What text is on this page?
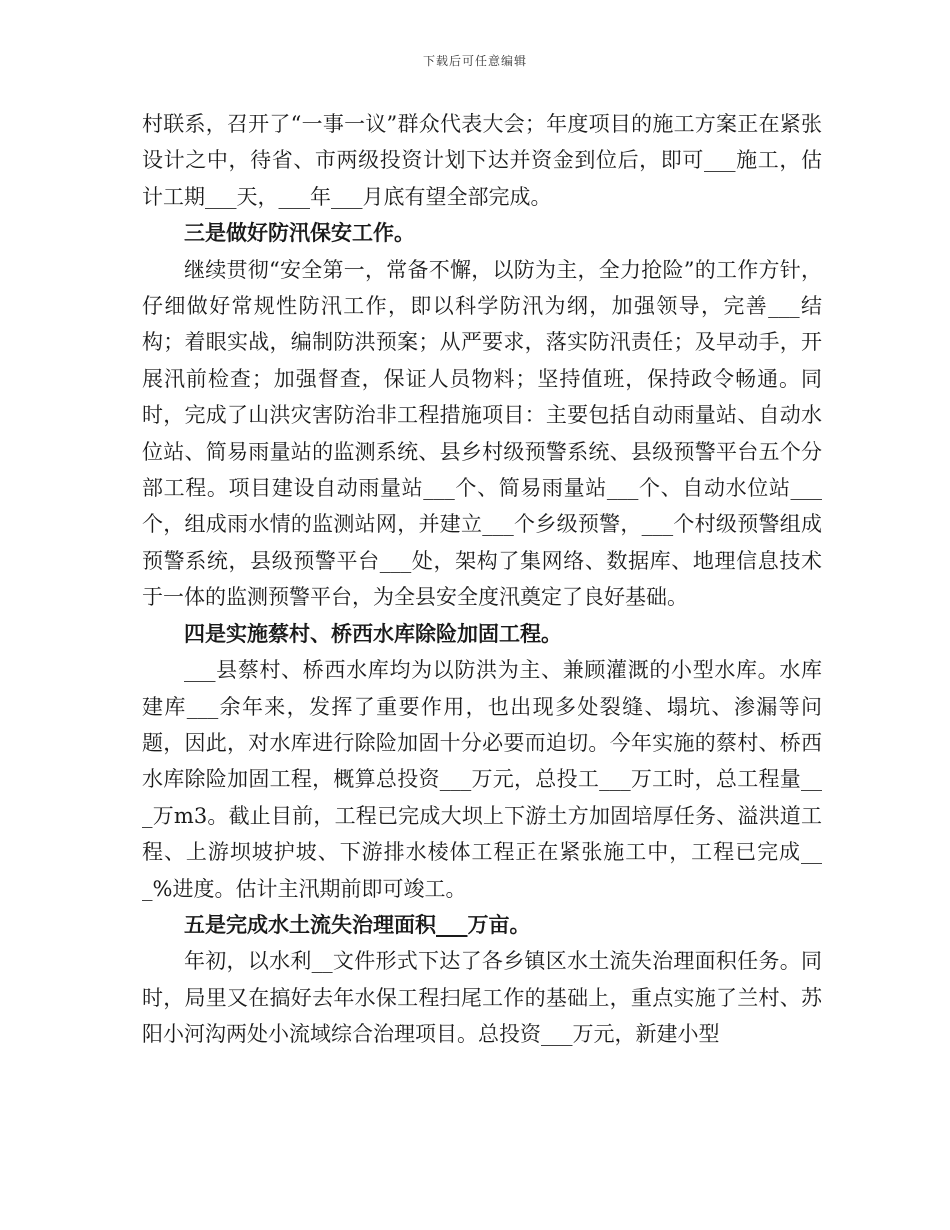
下载后可任意编辑

村联系，召开了“一事一议”群众代表大会；年度项目的施工方案正在紧张设计之中，待省、市两级投资计划下达并资金到位后，即可___施工，估计工期___天，___年___月底有望全部完成。

三是做好防汛保安工作。

继续贯彻“安全第一，常备不懈，以防为主，全力抢险”的工作方针，仔细做好常规性防汛工作，即以科学防汛为纲，加强领导，完善___结构；着眼实战，编制防洪预案；从严要求，落实防汛责任；及早动手，开展汛前检查；加强督查，保证人员物料；坚持值班，保持政令畅通。同时，完成了山洪灾害防治非工程措施项目：主要包括自动雨量站、自动水位站、简易雨量站的监测系统、县乡村级预警系统、县级预警平台五个分部工程。项目建设自动雨量站___个、简易雨量站___个、自动水位站___个，组成雨水情的监测站网，并建立___个乡级预警，___个村级预警组成预警系统，县级预警平台___处，架构了集网络、数据库、地理信息技术于一体的监测预警平台，为全县安全度汛奠定了良好基础。

四是实施蔡村、桥西水库除险加固工程。

___县蔡村、桥西水库均为以防洪为主、兼顾灌溉的小型水库。水库建库___余年来，发挥了重要作用，也出现多处裂缝、塌坑、渗漏等问题，因此，对水库进行除险加固十分必要而迫切。今年实施的蔡村、桥西水库除险加固工程，概算总投资___万元，总投工___万工时，总工程量___万m3。截止目前，工程已完成大坝上下游土方加固培厚任务、溢洪道工程、上游坝坡护坡、下游排水棱体工程正在紧张施工中，工程已完成___%进度。估计主汛期前即可竣工。

五是完成水土流失治理面积___万亩。

年初，以水利__文件形式下达了各乡镇区水土流失治理面积任务。同时，局里又在搞好去年水保工程扫尾工作的基础上，重点实施了兰村、苏阳小河沟两处小流域综合治理项目。总投资___万元，新建小型
